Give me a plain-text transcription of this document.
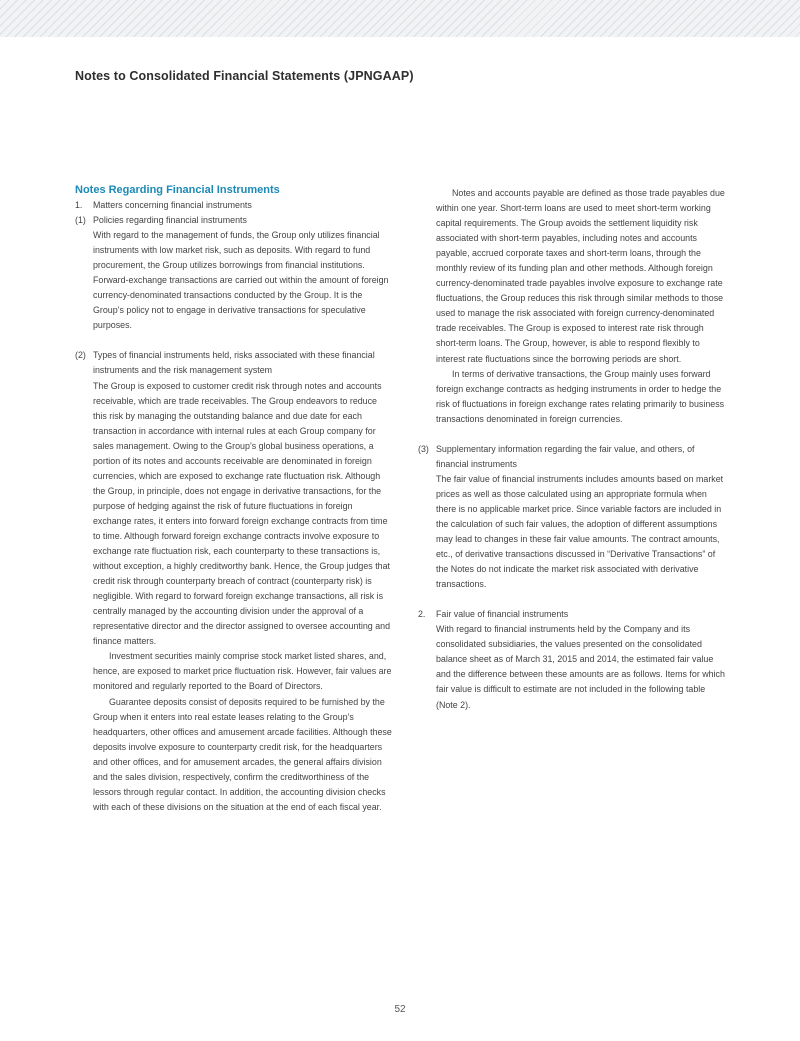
Notes to Consolidated Financial Statements (JPNGAAP)
Notes Regarding Financial Instruments
1. Matters concerning financial instruments
(1) Policies regarding financial instruments
With regard to the management of funds, the Group only utilizes financial instruments with low market risk, such as deposits. With regard to fund procurement, the Group utilizes borrowings from financial institutions. Forward-exchange transactions are carried out within the amount of foreign currency-denominated transactions conducted by the Group. It is the Group’s policy not to engage in derivative transactions for speculative purposes.
(2) Types of financial instruments held, risks associated with these financial instruments and the risk management system
The Group is exposed to customer credit risk through notes and accounts receivable, which are trade receivables. The Group endeavors to reduce this risk by managing the outstanding balance and due date for each transaction in accordance with internal rules at each Group company for sales management. Owing to the Group’s global business operations, a portion of its notes and accounts receivable are denominated in foreign currencies, which are exposed to exchange rate fluctuation risk. Although the Group, in principle, does not engage in derivative transactions, for the purpose of hedging against the risk of future fluctuations in foreign exchange rates, it enters into forward foreign exchange contracts from time to time. Although forward foreign exchange contracts involve exposure to exchange rate fluctuation risk, each counterparty to these transactions is, without exception, a highly creditworthy bank. Hence, the Group judges that credit risk through counterparty breach of contract (counterparty risk) is negligible. With regard to forward foreign exchange transactions, all risk is centrally managed by the accounting division under the approval of a representative director and the director assigned to oversee accounting and finance matters.
Investment securities mainly comprise stock market listed shares, and, hence, are exposed to market price fluctuation risk. However, fair values are monitored and regularly reported to the Board of Directors.
Guarantee deposits consist of deposits required to be furnished by the Group when it enters into real estate leases relating to the Group’s headquarters, other offices and amusement arcade facilities. Although these deposits involve exposure to counterparty credit risk, for the headquarters and other offices, and for amusement arcades, the general affairs division and the sales division, respectively, confirm the creditworthiness of the lessors through regular contact. In addition, the accounting division checks with each of these divisions on the situation at the end of each fiscal year.
Notes and accounts payable are defined as those trade payables due within one year. Short-term loans are used to meet short-term working capital requirements. The Group avoids the settlement liquidity risk associated with short-term payables, including notes and accounts payable, accrued corporate taxes and short-term loans, through the monthly review of its funding plan and other methods. Although foreign currency-denominated trade payables involve exposure to exchange rate fluctuations, the Group reduces this risk through similar methods to those used to manage the risk associated with foreign currency-denominated trade receivables. The Group is exposed to interest rate risk through short-term loans. The Group, however, is able to respond flexibly to interest rate fluctuations since the borrowing periods are short.
In terms of derivative transactions, the Group mainly uses forward foreign exchange contracts as hedging instruments in order to hedge the risk of fluctuations in foreign exchange rates relating primarily to business transactions denominated in foreign currencies.
(3) Supplementary information regarding the fair value, and others, of financial instruments
The fair value of financial instruments includes amounts based on market prices as well as those calculated using an appropriate formula when there is no applicable market price. Since variable factors are included in the calculation of such fair values, the adoption of different assumptions may lead to changes in these fair value amounts. The contract amounts, etc., of derivative transactions discussed in “Derivative Transactions” of the Notes do not indicate the market risk associated with derivative transactions.
2. Fair value of financial instruments
With regard to financial instruments held by the Company and its consolidated subsidiaries, the values presented on the consolidated balance sheet as of March 31, 2015 and 2014, the estimated fair value and the difference between these amounts are as follows. Items for which fair value is difficult to estimate are not included in the following table (Note 2).
52
